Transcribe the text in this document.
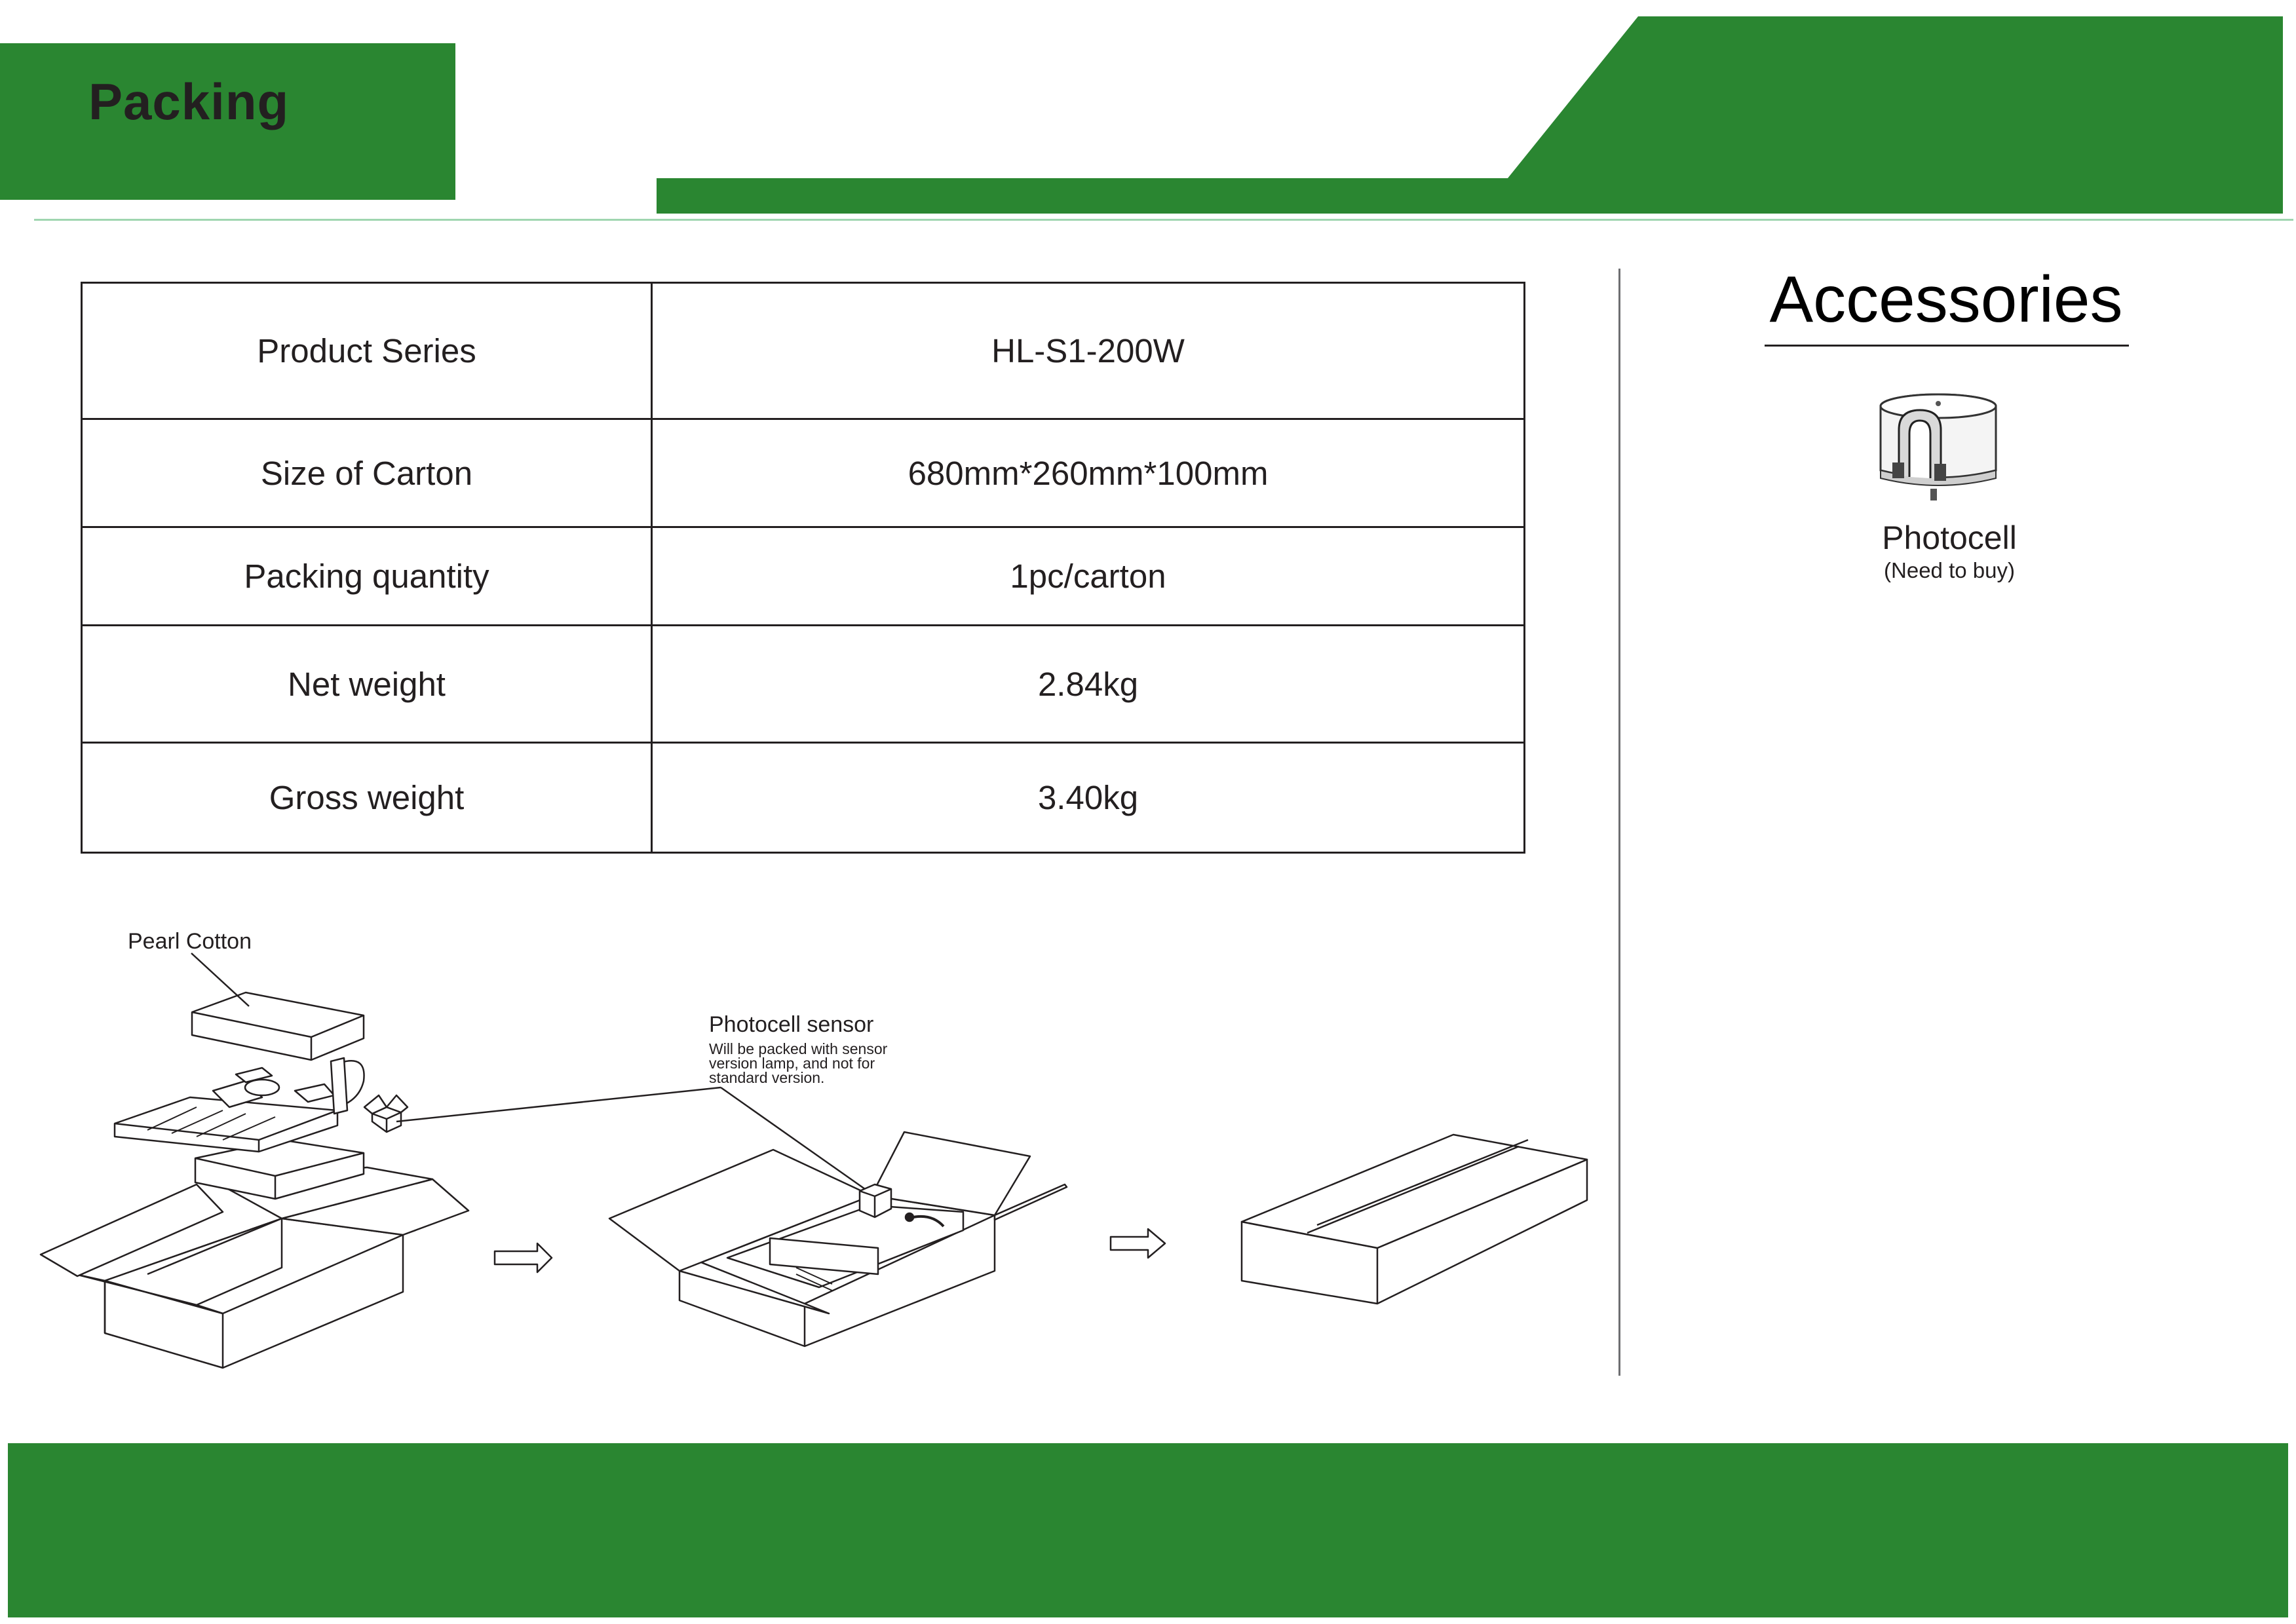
Packing
Product Series	HL-S1-200W
Size of Carton	680mm*260mm*100mm
Packing quantity	1pc/carton
Net weight	2.84kg
Gross weight	3.40kg
Accessories
Photocell
(Need to buy)
Pearl Cotton
Photocell sensor
Will be packed with sensor version lamp, and not for standard version.
